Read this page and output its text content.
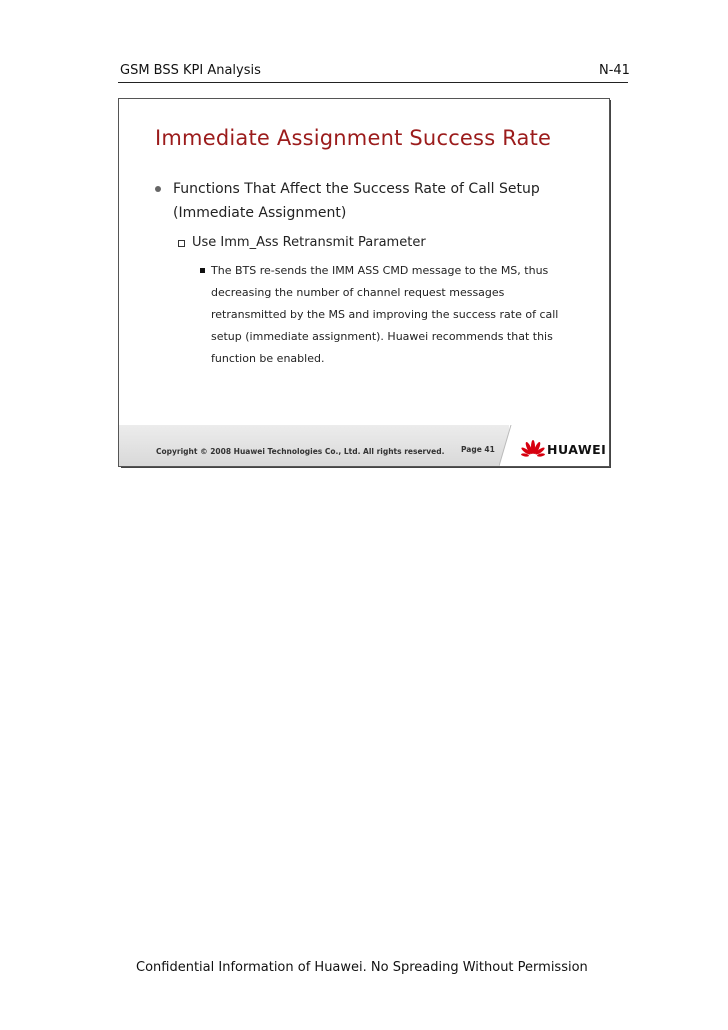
GSM BSS KPI Analysis	N-41
Immediate Assignment Success Rate
Functions That Affect the Success Rate of Call Setup (Immediate Assignment)
Use Imm_Ass Retransmit Parameter
The BTS re-sends the IMM ASS CMD message to the MS, thus decreasing the number of channel request messages retransmitted by the MS and improving the success rate of call setup (immediate assignment). Huawei recommends that this function be enabled.
Copyright © 2008 Huawei Technologies Co., Ltd. All rights reserved. Page 41	HUAWEI
Confidential Information of Huawei. No Spreading Without Permission
